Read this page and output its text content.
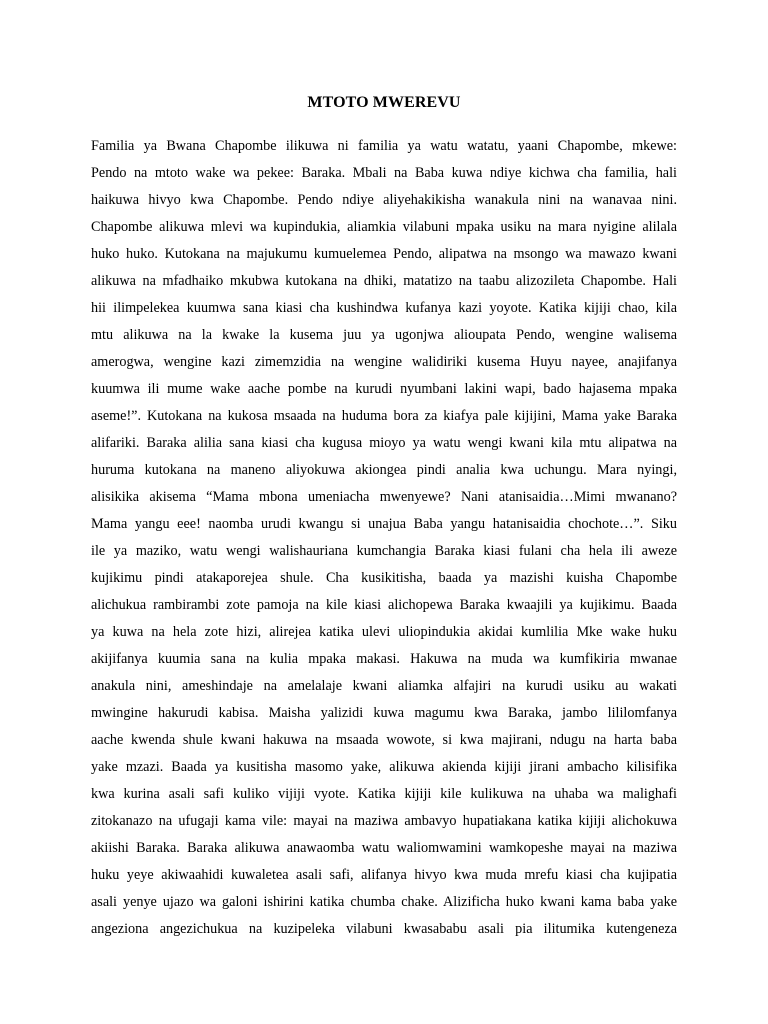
MTOTO MWEREVU
Familia ya Bwana Chapombe ilikuwa ni familia ya watu watatu, yaani Chapombe, mkewe:
Pendo na mtoto wake wa pekee: Baraka. Mbali na Baba kuwa ndiye kichwa cha familia, hali
haikuwa hivyo kwa Chapombe. Pendo ndiye aliyehakikisha wanakula nini na wanavaa nini.
Chapombe alikuwa mlevi wa kupindukia, aliamkia vilabuni mpaka usiku na mara nyigine alilala
huko huko. Kutokana na majukumu kumuelemea Pendo, alipatwa na msongo wa mawazo kwani
alikuwa na mfadhaiko mkubwa kutokana na dhiki, matatizo na taabu alizozileta Chapombe. Hali
hii ilimpelekea kuumwa sana kiasi cha kushindwa kufanya kazi yoyote. Katika kijiji chao, kila
mtu alikuwa na la kwake la kusema juu ya ugonjwa alioupata Pendo, wengine walisema
amerogwa, wengine kazi zimemzidia na wengine walidiriki kusema Huyu nayee, anajifanya
kuumwa ili mume wake aache pombe na kurudi nyumbani lakini wapi, bado hajasema mpaka
aseme!”. Kutokana na kukosa msaada na huduma bora za kiafya pale kijijini, Mama yake Baraka
alifariki. Baraka alilia sana kiasi cha kugusa mioyo ya watu wengi kwani kila mtu alipatwa na
huruma kutokana na maneno aliyokuwa akiongea pindi analia kwa uchungu. Mara nyingi,
alisikika akisema “Mama mbona umeniacha mwenyewe? Nani atanisaidia…Mimi mwanano?
Mama yangu eee! naomba urudi kwangu si unajua Baba yangu hatanisaidia chochote…”. Siku
ile ya maziko, watu wengi walishauriana kumchangia Baraka kiasi fulani cha hela ili aweze
kujikimu pindi atakaporejea shule. Cha kusikitisha, baada ya mazishi kuisha Chapombe
alichukua rambirambi zote pamoja na kile kiasi alichopewa Baraka kwaajili ya kujikimu. Baada
ya kuwa na hela zote hizi, alirejea katika ulevi uliopindukia akidai kumlilia Mke wake huku
akijifanya kuumia sana na kulia mpaka makasi. Hakuwa na muda wa kumfikiria mwanae
anakula nini, ameshindaje na amelalaje kwani aliamka alfajiri na kurudi usiku au wakati
mwingine hakurudi kabisa. Maisha yalizidi kuwa magumu kwa Baraka, jambo lililomfanya
aache kwenda shule kwani hakuwa na msaada wowote, si kwa majirani, ndugu na harta baba
yake mzazi. Baada ya kusitisha masomo yake, alikuwa akienda kijiji jirani ambacho kilisifika
kwa kurina asali safi kuliko vijiji vyote. Katika kijiji kile kulikuwa na uhaba wa malighafi
zitokanazo na ufugaji kama vile: mayai na maziwa ambavyo hupatiakana katika kijiji alichokuwa
akiishi Baraka. Baraka alikuwa anawaomba watu waliomwamini wamkopeshe mayai na maziwa
huku yeye akiwaahidi kuwaletea asali safi, alifanya hivyo kwa muda mrefu kiasi cha kujipatia
asali yenye ujazo wa galoni ishirini katika chumba chake. Alizificha huko kwani kama baba yake
angeziona angezichukua na kuzipeleka vilabuni kwasababu asali pia ilitumika kutengeneza
